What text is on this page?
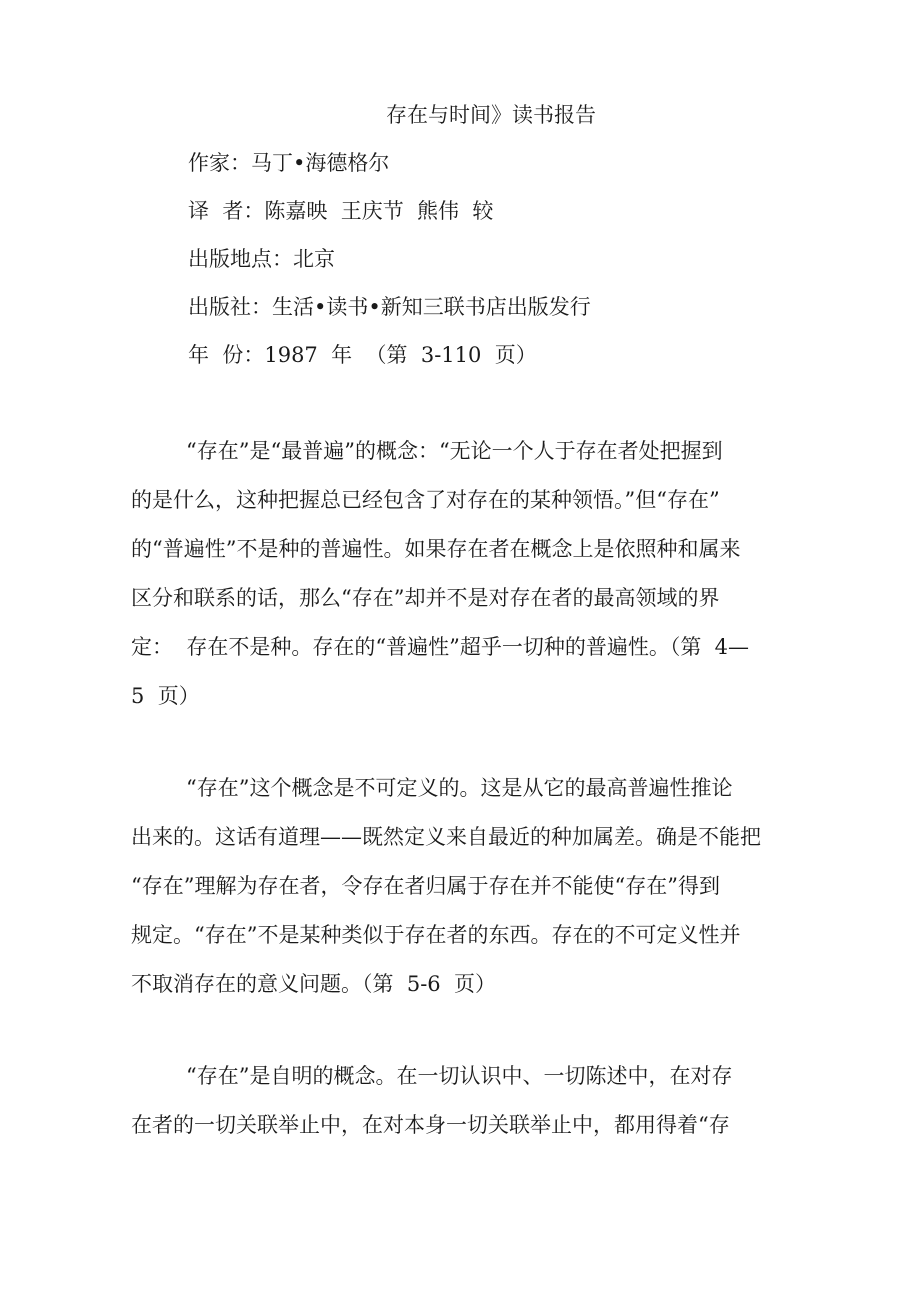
存在与时间》读书报告

作家：马丁•海德格尔

译  者：陈嘉映  王庆节  熊伟  较

出版地点：北京

出版社：生活•读书•新知三联书店出版发行

年  份：1987  年  （第  3-110  页）

“存在”是“最普遍”的概念：“无论一个人于存在者处把握到
的是什么，这种把握总已经包含了对存在的某种领悟。”但“存在”
的“普遍性”不是种的普遍性。如果存在者在概念上是依照种和属来
区分和联系的话，那么“存在”却并不是对存在者的最高领域的界
定：  存在不是种。存在的“普遍性”超乎一切种的普遍性。（第  4—
5  页）
“存在”这个概念是不可定义的。这是从它的最高普遍性推论
出来的。这话有道理——既然定义来自最近的种加属差。确是不能把
“存在”理解为存在者，令存在者归属于存在并不能使“存在”得到
规定。“存在”不是某种类似于存在者的东西。存在的不可定义性并
不取消存在的意义问题。（第  5-6  页）
“存在”是自明的概念。在一切认识中、一切陈述中，在对存
在者的一切关联举止中，在对本身一切关联举止中，都用得着“存
